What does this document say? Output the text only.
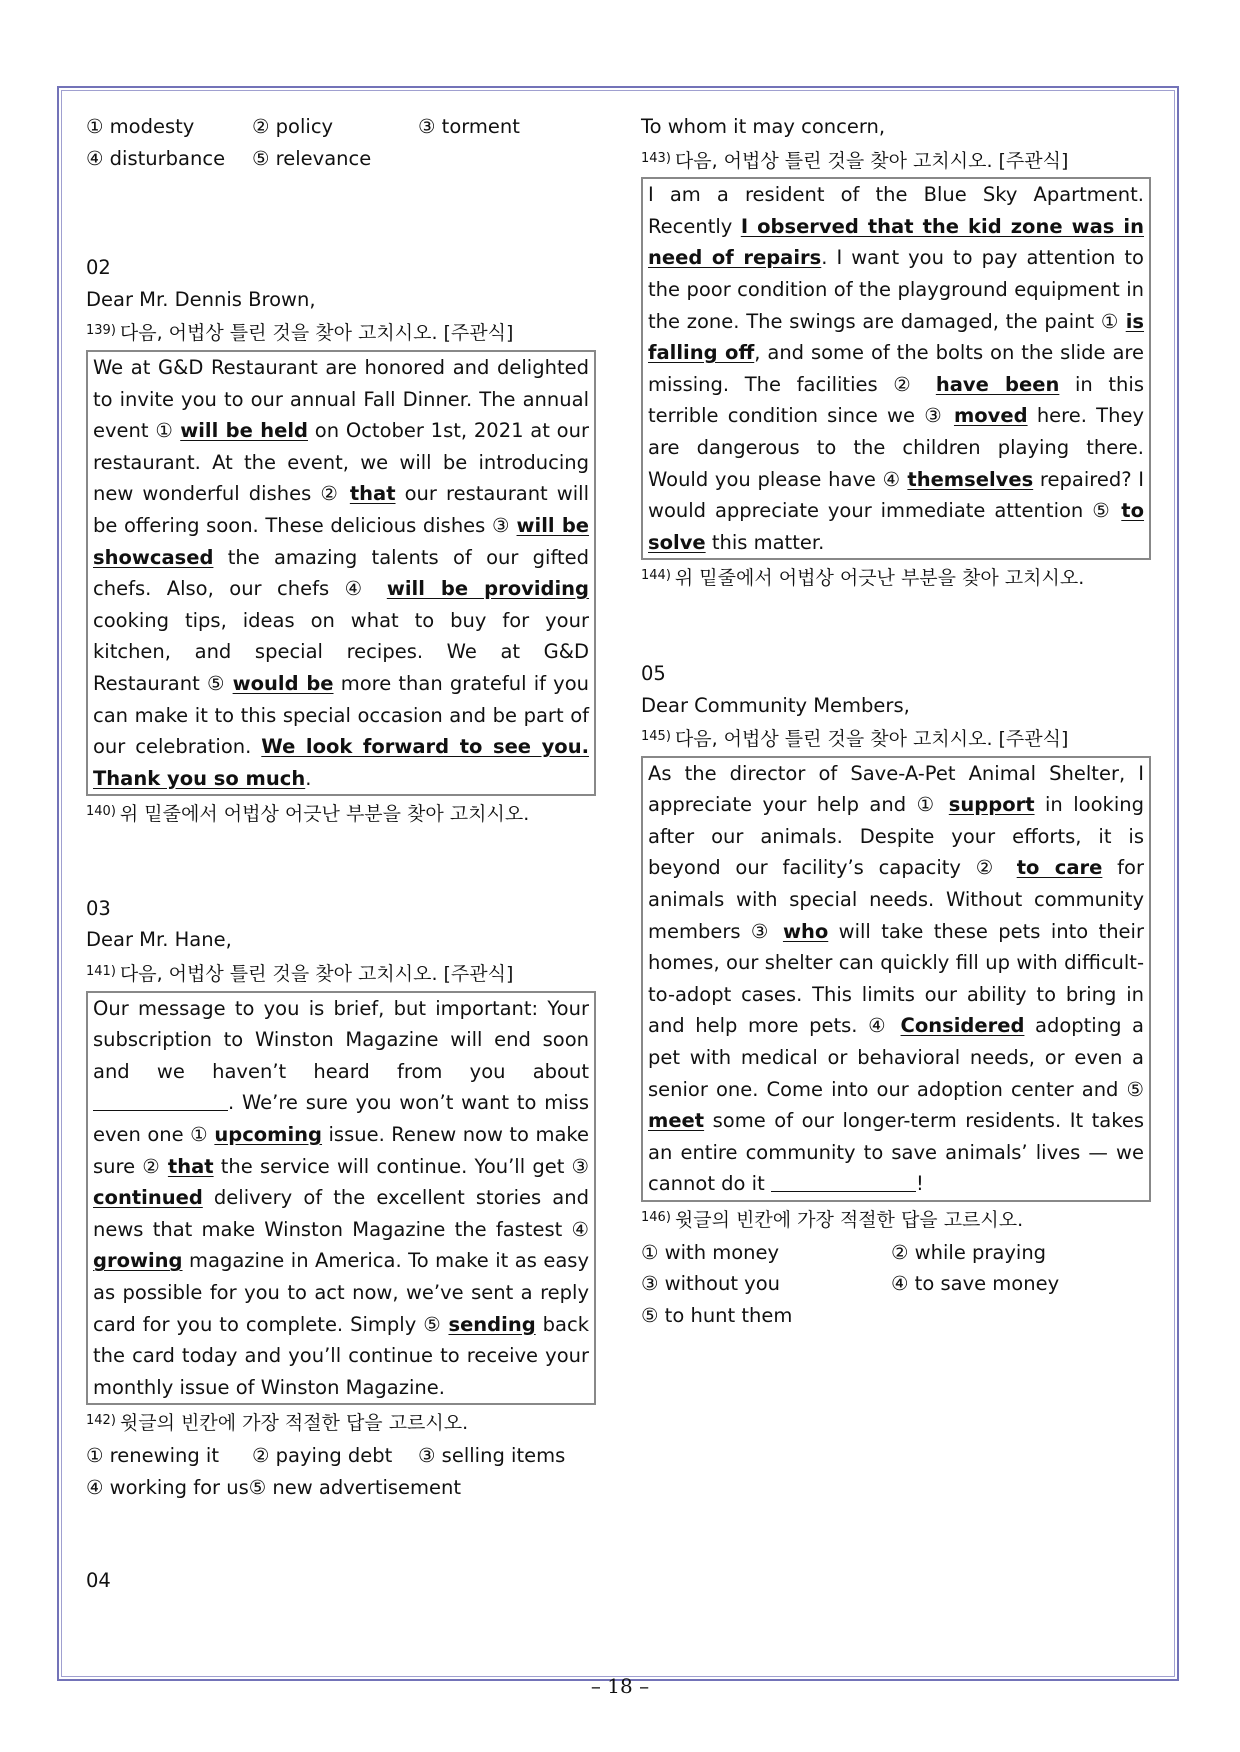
① modesty	② policy	③ torment
④ disturbance	⑤ relevance
02
Dear Mr. Dennis Brown,
$^{139)}$ 다음, 어법상 틀린 것을 찾아 고치시오. [주관식]

We at G&D Restaurant are honored and delighted to invite you to our annual Fall Dinner. The annual event ① will be held on October 1st, 2021 at our restaurant. At the event, we will be introducing new wonderful dishes ② that our restaurant will be offering soon. These delicious dishes ③ will be showcased the amazing talents of our gifted chefs. Also, our chefs ④ will be providing cooking tips, ideas on what to buy for your kitchen, and special recipes. We at G&D Restaurant ⑤ would be more than grateful if you can make it to this special occasion and be part of our celebration. We look forward to see you. Thank you so much.

$^{140)}$ 위 밑줄에서 어법상 어긋난 부분을 찾아 고치시오.
03
Dear Mr. Hane,
$^{141)}$ 다음, 어법상 틀린 것을 찾아 고치시오. [주관식]

Our message to you is brief, but important: Your subscription to Winston Magazine will end soon and we haven’t heard from you about . We’re sure you won’t want to miss even one ① upcoming issue. Renew now to make sure ② that the service will continue. You’ll get ③ continued delivery of the excellent stories and news that make Winston Magazine the fastest ④ growing magazine in America. To make it as easy as possible for you to act now, we’ve sent a reply card for you to complete. Simply ⑤ sending back the card today and you’ll continue to receive your monthly issue of Winston Magazine.

$^{142)}$ 윗글의 빈칸에 가장 적절한 답을 고르시오.
① renewing it	② paying debt	③ selling items
④ working for us⑤ new advertisement
04
To whom it may concern,
$^{143)}$ 다음, 어법상 틀린 것을 찾아 고치시오. [주관식]

I am a resident of the Blue Sky Apartment. Recently I observed that the kid zone was in need of repairs. I want you to pay attention to the poor condition of the playground equipment in the zone. The swings are damaged, the paint ① is falling off, and some of the bolts on the slide are missing. The facilities ② have been in this terrible condition since we ③ moved here. They are dangerous to the children playing there. Would you please have ④ themselves repaired? I would appreciate your immediate attention ⑤ to solve this matter.

$^{144)}$ 위 밑줄에서 어법상 어긋난 부분을 찾아 고치시오.
05
Dear Community Members,
$^{145)}$ 다음, 어법상 틀린 것을 찾아 고치시오. [주관식]

As the director of Save-A-Pet Animal Shelter, I appreciate your help and ① support in looking after our animals. Despite your efforts, it is beyond our facility’s capacity ② to care for animals with special needs. Without community members ③ who will take these pets into their homes, our shelter can quickly fill up with difficult-to-adopt cases. This limits our ability to bring in and help more pets. ④ Considered adopting a pet with medical or behavioral needs, or even a senior one. Come into our adoption center and ⑤ meet some of our longer-term residents. It takes an entire community to save animals’ lives — we cannot do it	!

$^{146)}$ 윗글의 빈칸에 가장 적절한 답을 고르시오.
① with money	② while praying
③ without you	④ to save money
⑤ to hunt them
– 18 –
